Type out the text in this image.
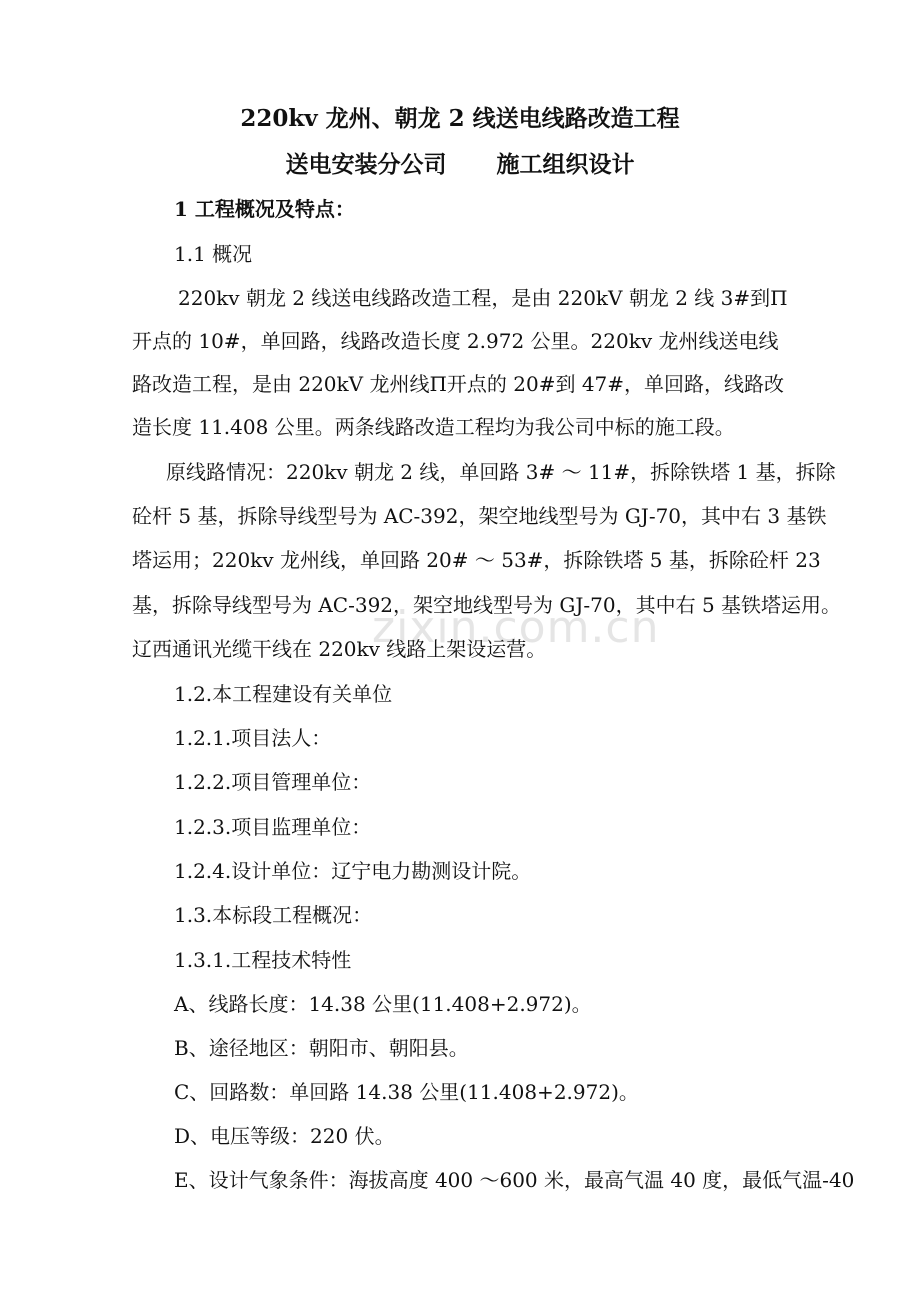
zixin.com.cn
220kv 龙州、朝龙 2 线送电线路改造工程
送电安装分公司 施工组织设计
1 工程概况及特点：
1.1 概况
220kv 朝龙 2 线送电线路改造工程，是由 220kV 朝龙 2 线 3#到Π
开点的 10#，单回路，线路改造长度 2.972 公里。220kv 龙州线送电线
路改造工程，是由 220kV 龙州线Π开点的 20#到 47#，单回路，线路改
造长度 11.408 公里。两条线路改造工程均为我公司中标的施工段。
原线路情况：220kv 朝龙 2 线，单回路 3# ～ 11#，拆除铁塔 1 基，拆除
砼杆 5 基，拆除导线型号为 AC-392，架空地线型号为 GJ-70，其中右 3 基铁
塔运用；220kv 龙州线，单回路 20# ～ 53#，拆除铁塔 5 基，拆除砼杆 23
基，拆除导线型号为 AC-392，架空地线型号为 GJ-70，其中右 5 基铁塔运用。
辽西通讯光缆干线在 220kv 线路上架设运营。
1.2.本工程建设有关单位
1.2.1.项目法人：
1.2.2.项目管理单位：
1.2.3.项目监理单位：
1.2.4.设计单位：辽宁电力勘测设计院。
1.3.本标段工程概况：
1.3.1.工程技术特性
A、线路长度：14.38 公里(11.408+2.972)。
B、途径地区：朝阳市、朝阳县。
C、回路数：单回路 14.38 公里(11.408+2.972)。
D、电压等级：220 伏。
E、设计气象条件：海拔高度 400 ～600 米，最高气温 40 度，最低气温-40
